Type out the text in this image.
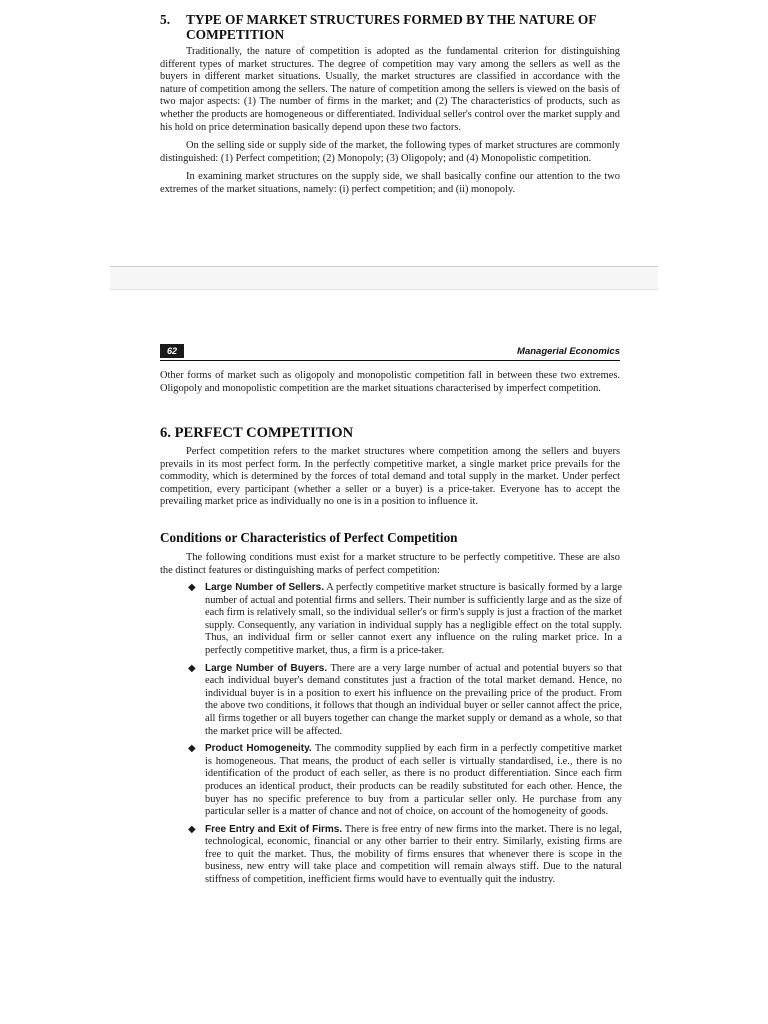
5.	TYPE OF MARKET STRUCTURES FORMED BY THE NATURE OF COMPETITION

Traditionally, the nature of competition is adopted as the fundamental criterion for distinguishing different types of market structures. The degree of competition may vary among the sellers as well as the buyers in different market situations. Usually, the market structures are classified in accordance with the nature of competition among the sellers. The nature of competition among the sellers is viewed on the basis of two major aspects: (1) The number of firms in the market; and (2) The characteristics of products, such as whether the products are homogeneous or differentiated. Individual seller's control over the market supply and his hold on price determination basically depend upon these two factors.

On the selling side or supply side of the market, the following types of market structures are commonly distinguished: (1) Perfect competition; (2) Monopoly; (3) Oligopoly; and (4) Monopolistic competition.

In examining market structures on the supply side, we shall basically confine our attention to the two extremes of the market situations, namely: (i) perfect competition; and (ii) monopoly.

62	Managerial Economics

Other forms of market such as oligopoly and monopolistic competition fall in between these two extremes. Oligopoly and monopolistic competition are the market situations characterised by imperfect competition.

6. PERFECT COMPETITION

Perfect competition refers to the market structures where competition among the sellers and buyers prevails in its most perfect form. In the perfectly competitive market, a single market price prevails for the commodity, which is determined by the forces of total demand and total supply in the market. Under perfect competition, every participant (whether a seller or a buyer) is a price-taker. Everyone has to accept the prevailing market price as individually no one is in a position to influence it.

Conditions or Characteristics of Perfect Competition

The following conditions must exist for a market structure to be perfectly competitive. These are also the distinct features or distinguishing marks of perfect competition:

◆ Large Number of Sellers. A perfectly competitive market structure is basically formed by a large number of actual and potential firms and sellers. Their number is sufficiently large and as the size of each firm is relatively small, so the individual seller's or firm's supply is just a fraction of the market supply. Consequently, any variation in individual supply has a negligible effect on the total supply. Thus, an individual firm or seller cannot exert any influence on the ruling market price. In a perfectly competitive market, thus, a firm is a price-taker.

◆ Large Number of Buyers. There are a very large number of actual and potential buyers so that each individual buyer's demand constitutes just a fraction of the total market demand. Hence, no individual buyer is in a position to exert his influence on the prevailing price of the product. From the above two conditions, it follows that though an individual buyer or seller cannot affect the price, all firms together or all buyers together can change the market supply or demand as a whole, so that the market price will be affected.

◆ Product Homogeneity. The commodity supplied by each firm in a perfectly competitive market is homogeneous. That means, the product of each seller is virtually standardised, i.e., there is no identification of the product of each seller, as there is no product differentiation. Since each firm produces an identical product, their products can be readily substituted for each other. Hence, the buyer has no specific preference to buy from a particular seller only. He purchase from any particular seller is a matter of chance and not of choice, on account of the homogeneity of goods.

◆ Free Entry and Exit of Firms. There is free entry of new firms into the market. There is no legal, technological, economic, financial or any other barrier to their entry. Similarly, existing firms are free to quit the market. Thus, the mobility of firms ensures that whenever there is scope in the business, new entry will take place and competition will remain always stiff. Due to the natural stiffness of competition, inefficient firms would have to eventually quit the industry.
